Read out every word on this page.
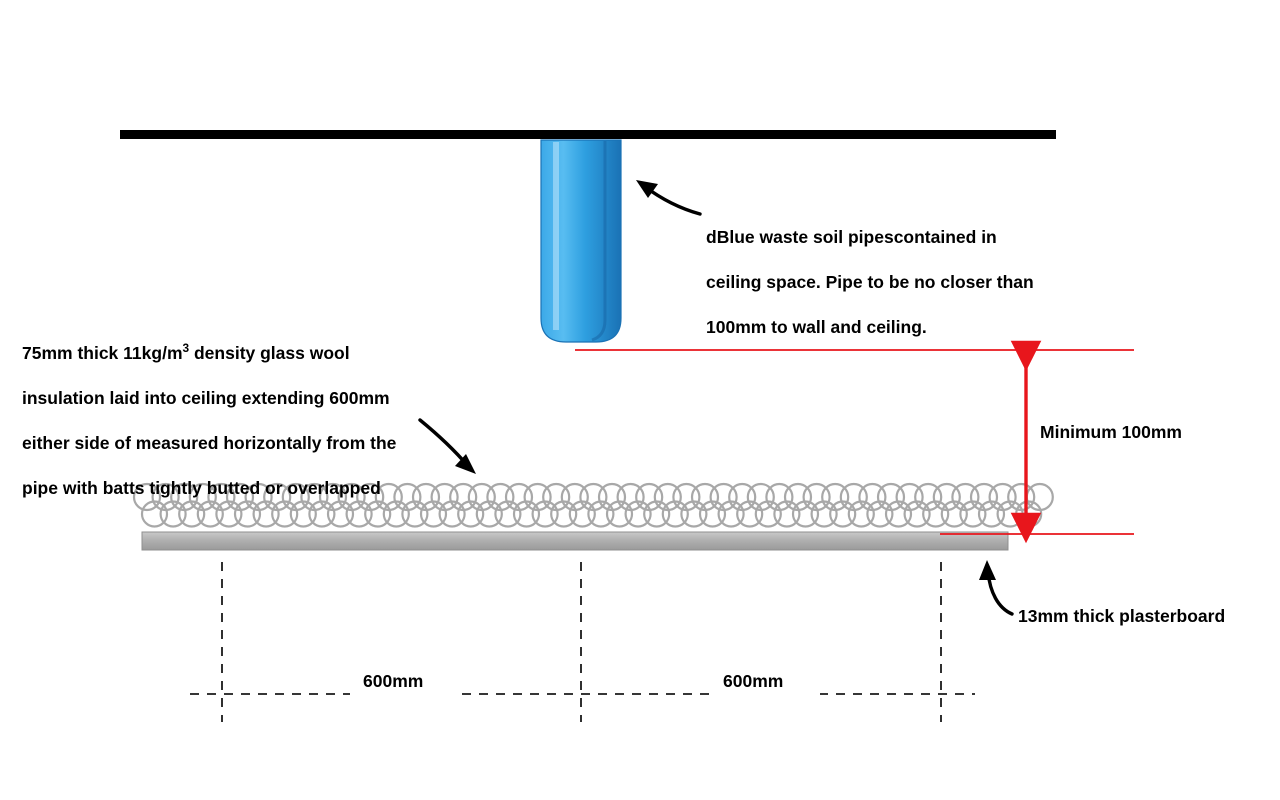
75mm thick $11kg/m^3$ density glass wool

insulation laid into ceiling extending 600mm

either side of measured horizontally from the

pipe with batts tightly butted or overlapped

dBlue waste soil pipescontained in

ceiling space. Pipe to be no closer than

100mm to wall and ceiling.

Minimum 100mm
13mm thick plasterboard
600mm	600mm
